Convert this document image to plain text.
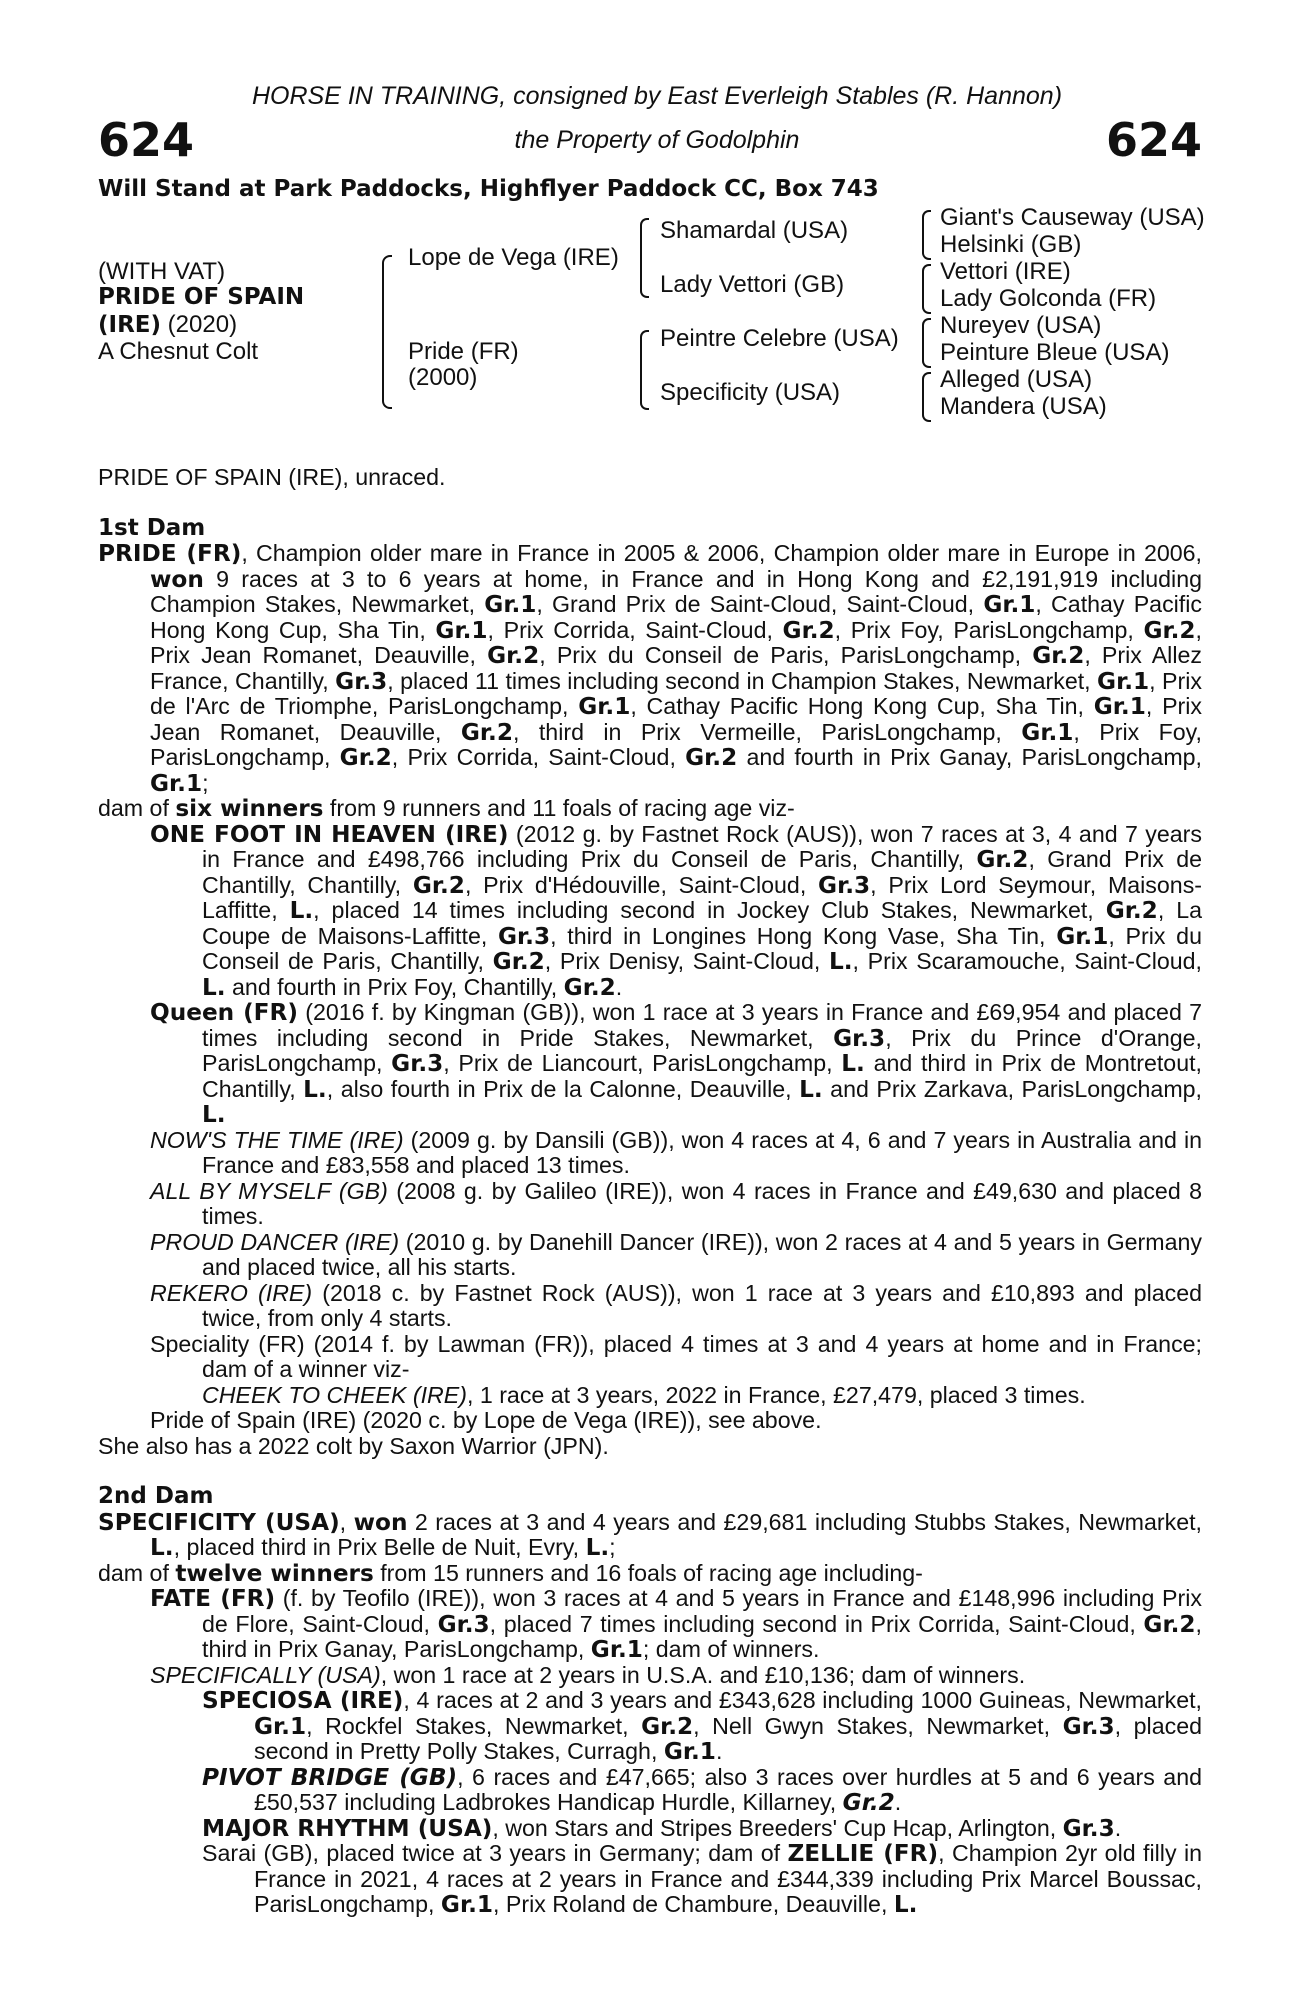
HORSE IN TRAINING, consigned by East Everleigh Stables (R. Hannon)
the Property of Godolphin
624	624
Will Stand at Park Paddocks, Highflyer Paddock CC, Box 743
(WITH VAT)
PRIDE OF SPAIN
(IRE) (2020)
A Chesnut Colt
Lope de Vega (IRE)
Pride (FR)
(2000)
Shamardal (USA)
Lady Vettori (GB)
Peintre Celebre (USA)
Specificity (USA)
Giant's Causeway (USA)
Helsinki (GB)
Vettori (IRE)
Lady Golconda (FR)
Nureyev (USA)
Peinture Bleue (USA)
Alleged (USA)
Mandera (USA)

PRIDE OF SPAIN (IRE), unraced.

1st Dam

PRIDE (FR), Champion older mare in France in 2005 & 2006, Champion older mare in Europe in 2006, won 9 races at 3 to 6 years at home, in France and in Hong Kong and £2,191,919 including Champion Stakes, Newmarket, Gr.1, Grand Prix de Saint-Cloud, Saint-Cloud, Gr.1, Cathay Pacific Hong Kong Cup, Sha Tin, Gr.1, Prix Corrida, Saint-Cloud, Gr.2, Prix Foy, ParisLongchamp, Gr.2, Prix Jean Romanet, Deauville, Gr.2, Prix du Conseil de Paris, ParisLongchamp, Gr.2, Prix Allez France, Chantilly, Gr.3, placed 11 times including second in Champion Stakes, Newmarket, Gr.1, Prix de l'Arc de Triomphe, ParisLongchamp, Gr.1, Cathay Pacific Hong Kong Cup, Sha Tin, Gr.1, Prix Jean Romanet, Deauville, Gr.2, third in Prix Vermeille, ParisLongchamp, Gr.1, Prix Foy, ParisLongchamp, Gr.2, Prix Corrida, Saint-Cloud, Gr.2 and fourth in Prix Ganay, ParisLongchamp, Gr.1;

dam of six winners from 9 runners and 11 foals of racing age viz-

ONE FOOT IN HEAVEN (IRE) (2012 g. by Fastnet Rock (AUS)), won 7 races at 3, 4 and 7 years in France and £498,766 including Prix du Conseil de Paris, Chantilly, Gr.2, Grand Prix de Chantilly, Chantilly, Gr.2, Prix d'Hédouville, Saint-Cloud, Gr.3, Prix Lord Seymour, Maisons-Laffitte, L., placed 14 times including second in Jockey Club Stakes, Newmarket, Gr.2, La Coupe de Maisons-Laffitte, Gr.3, third in Longines Hong Kong Vase, Sha Tin, Gr.1, Prix du Conseil de Paris, Chantilly, Gr.2, Prix Denisy, Saint-Cloud, L., Prix Scaramouche, Saint-Cloud, L. and fourth in Prix Foy, Chantilly, Gr.2.

Queen (FR) (2016 f. by Kingman (GB)), won 1 race at 3 years in France and £69,954 and placed 7 times including second in Pride Stakes, Newmarket, Gr.3, Prix du Prince d'Orange, ParisLongchamp, Gr.3, Prix de Liancourt, ParisLongchamp, L. and third in Prix de Montretout, Chantilly, L., also fourth in Prix de la Calonne, Deauville, L. and Prix Zarkava, ParisLongchamp, L.

NOW'S THE TIME (IRE) (2009 g. by Dansili (GB)), won 4 races at 4, 6 and 7 years in Australia and in France and £83,558 and placed 13 times.

ALL BY MYSELF (GB) (2008 g. by Galileo (IRE)), won 4 races in France and £49,630 and placed 8 times.

PROUD DANCER (IRE) (2010 g. by Danehill Dancer (IRE)), won 2 races at 4 and 5 years in Germany and placed twice, all his starts.

REKERO (IRE) (2018 c. by Fastnet Rock (AUS)), won 1 race at 3 years and £10,893 and placed twice, from only 4 starts.

Speciality (FR) (2014 f. by Lawman (FR)), placed 4 times at 3 and 4 years at home and in France; dam of a winner viz-

CHEEK TO CHEEK (IRE), 1 race at 3 years, 2022 in France, £27,479, placed 3 times.

Pride of Spain (IRE) (2020 c. by Lope de Vega (IRE)), see above.

She also has a 2022 colt by Saxon Warrior (JPN).

2nd Dam

SPECIFICITY (USA), won 2 races at 3 and 4 years and £29,681 including Stubbs Stakes, Newmarket, L., placed third in Prix Belle de Nuit, Evry, L.;

dam of twelve winners from 15 runners and 16 foals of racing age including-

FATE (FR) (f. by Teofilo (IRE)), won 3 races at 4 and 5 years in France and £148,996 including Prix de Flore, Saint-Cloud, Gr.3, placed 7 times including second in Prix Corrida, Saint-Cloud, Gr.2, third in Prix Ganay, ParisLongchamp, Gr.1; dam of winners.

SPECIFICALLY (USA), won 1 race at 2 years in U.S.A. and £10,136; dam of winners.

SPECIOSA (IRE), 4 races at 2 and 3 years and £343,628 including 1000 Guineas, Newmarket, Gr.1, Rockfel Stakes, Newmarket, Gr.2, Nell Gwyn Stakes, Newmarket, Gr.3, placed second in Pretty Polly Stakes, Curragh, Gr.1.

PIVOT BRIDGE (GB), 6 races and £47,665; also 3 races over hurdles at 5 and 6 years and £50,537 including Ladbrokes Handicap Hurdle, Killarney, Gr.2.

MAJOR RHYTHM (USA), won Stars and Stripes Breeders' Cup Hcap, Arlington, Gr.3.

Sarai (GB), placed twice at 3 years in Germany; dam of ZELLIE (FR), Champion 2yr old filly in France in 2021, 4 races at 2 years in France and £344,339 including Prix Marcel Boussac, ParisLongchamp, Gr.1, Prix Roland de Chambure, Deauville, L.
